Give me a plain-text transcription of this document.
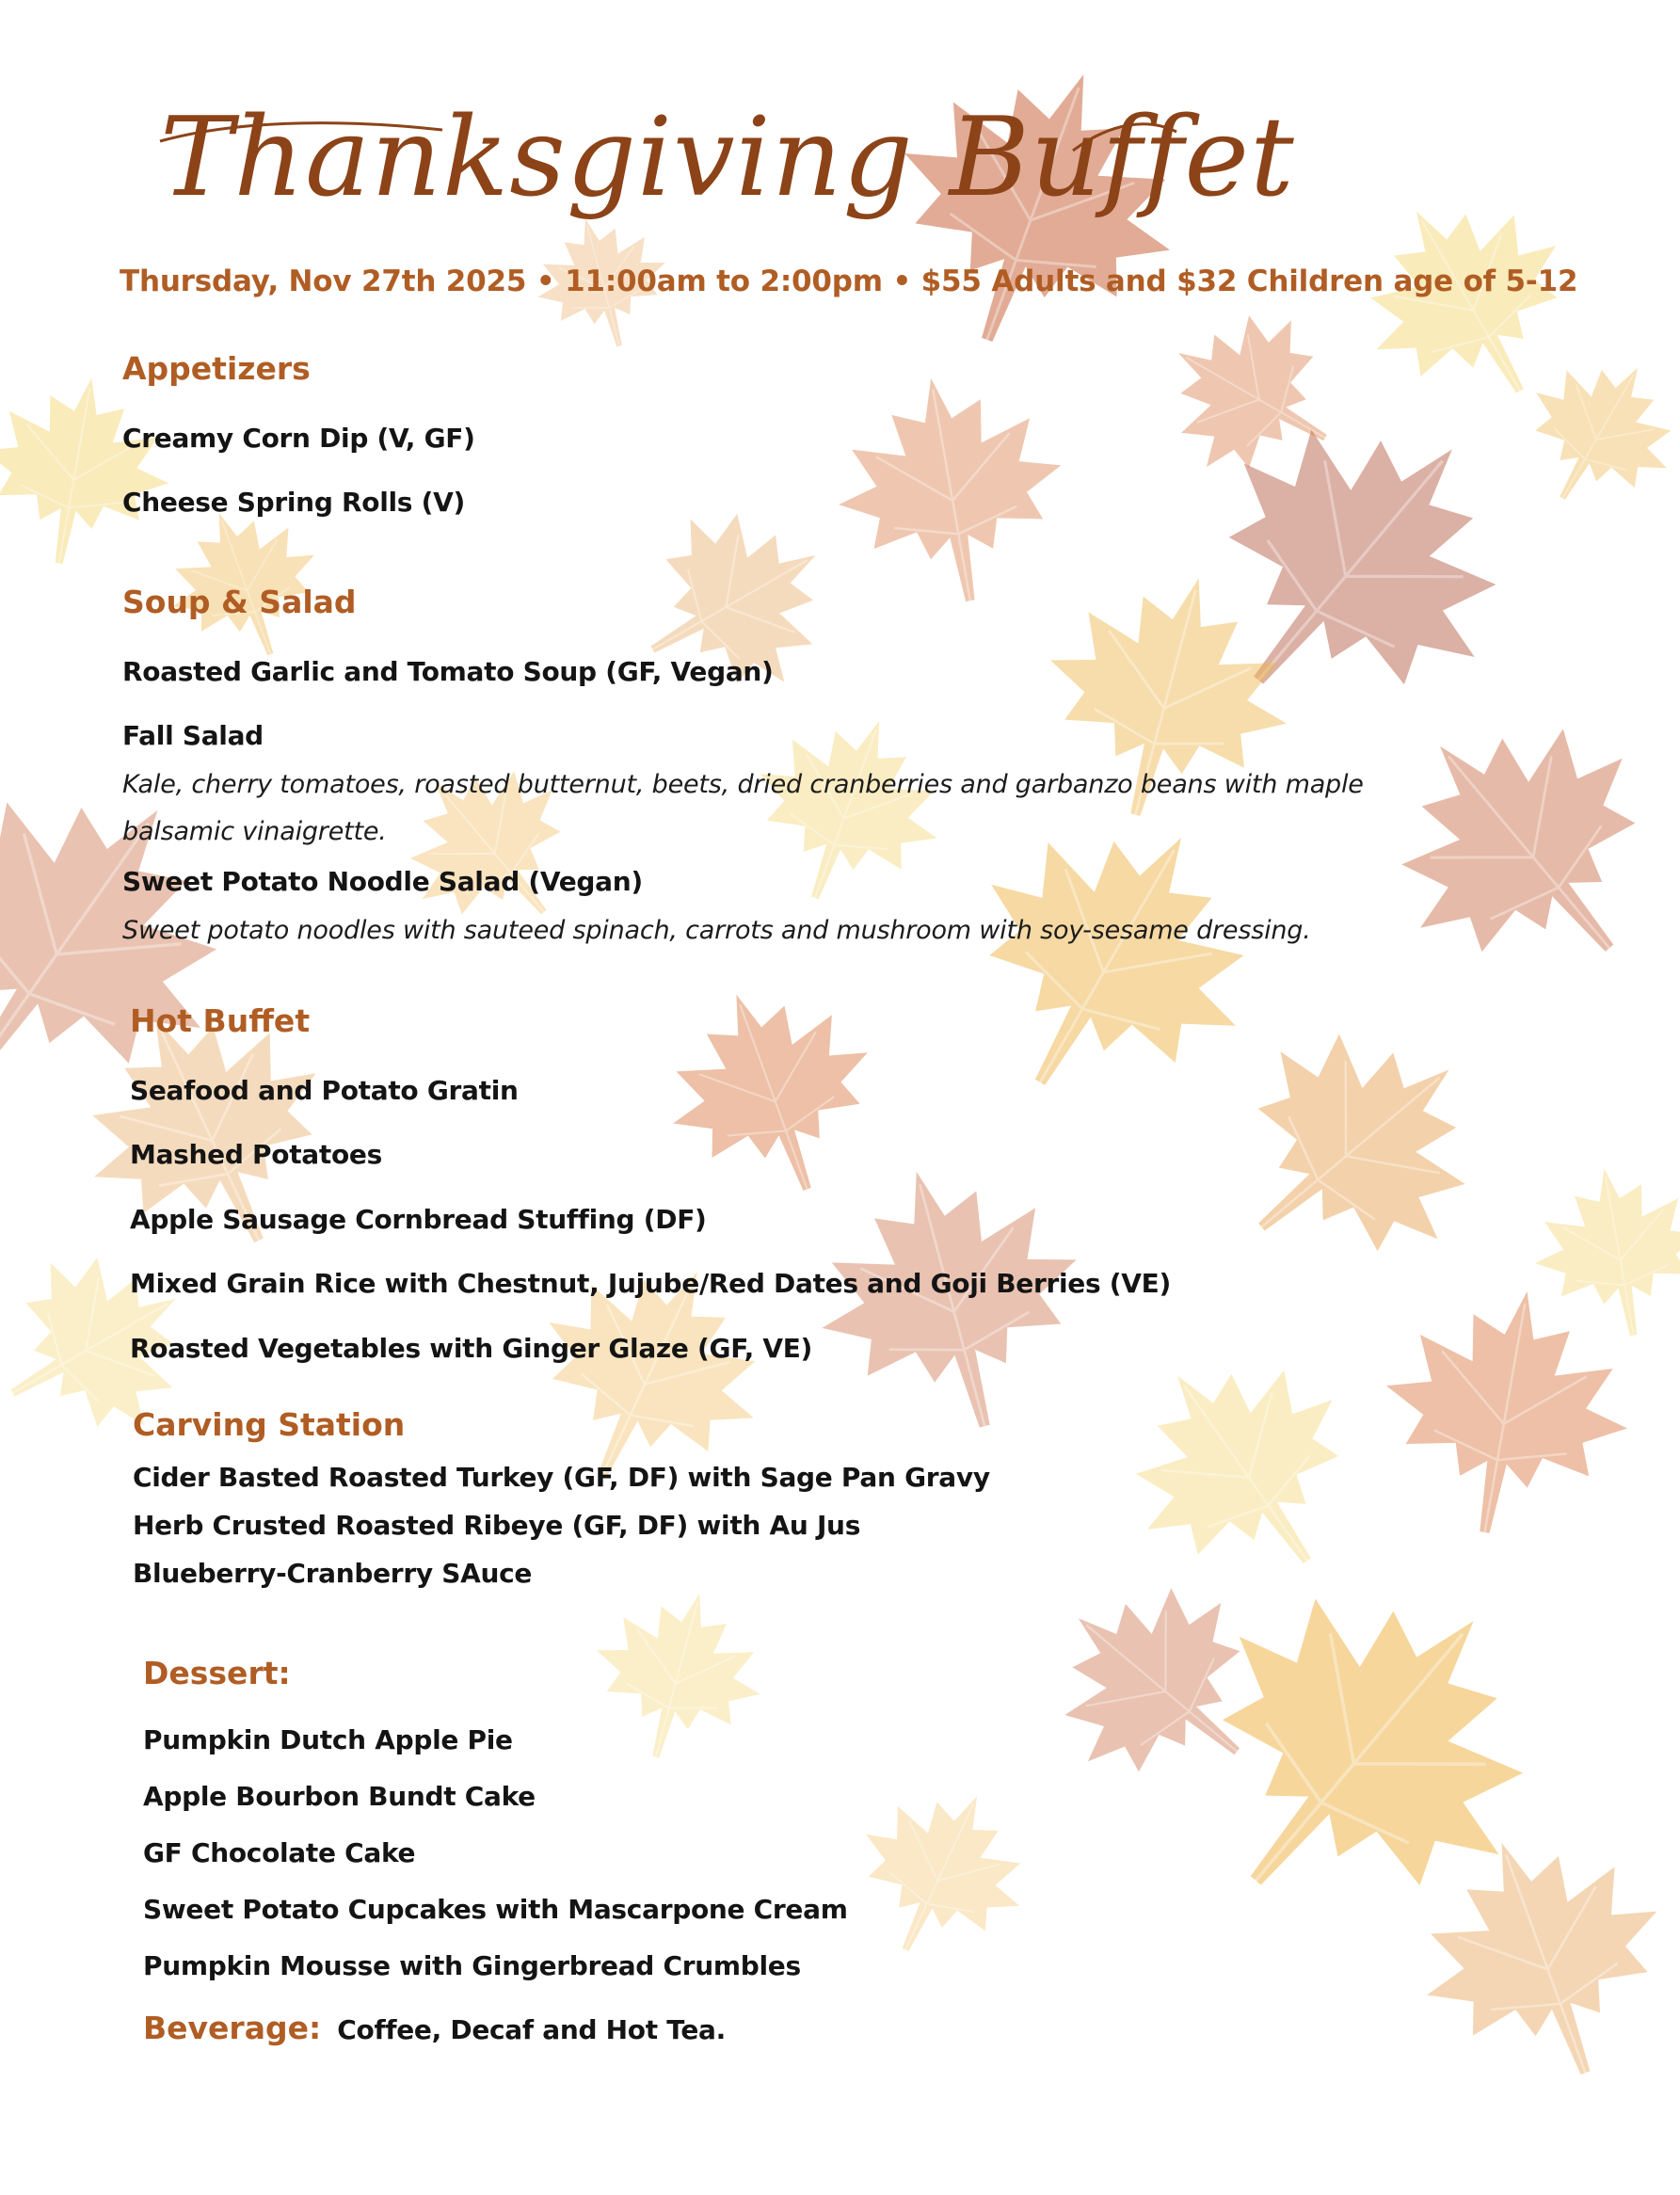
Thanksgiving Buffet

Thursday, Nov 27th 2025 • 11:00am to 2:00pm • $55 Adults and $32 Children age of 5-12

Appetizers

Creamy Corn Dip (V, GF)

Cheese Spring Rolls (V)

Soup & Salad

Roasted Garlic and Tomato Soup (GF, Vegan)

Fall Salad

Kale, cherry tomatoes, roasted butternut, beets, dried cranberries and garbanzo beans with maple

balsamic vinaigrette.

Sweet Potato Noodle Salad (Vegan)

Sweet potato noodles with sauteed spinach, carrots and mushroom with soy-sesame dressing.

Hot Buffet

Seafood and Potato Gratin

Mashed Potatoes

Apple Sausage Cornbread Stuffing (DF)

Mixed Grain Rice with Chestnut, Jujube/Red Dates and Goji Berries (VE)

Roasted Vegetables with Ginger Glaze (GF, VE)

Carving Station

Cider Basted Roasted Turkey (GF, DF) with Sage Pan Gravy

Herb Crusted Roasted Ribeye (GF, DF) with Au Jus

Blueberry-Cranberry SAuce

Dessert:

Pumpkin Dutch Apple Pie

Apple Bourbon Bundt Cake

GF Chocolate Cake

Sweet Potato Cupcakes with Mascarpone Cream

Pumpkin Mousse with Gingerbread Crumbles

Beverage: Coffee, Decaf and Hot Tea.
